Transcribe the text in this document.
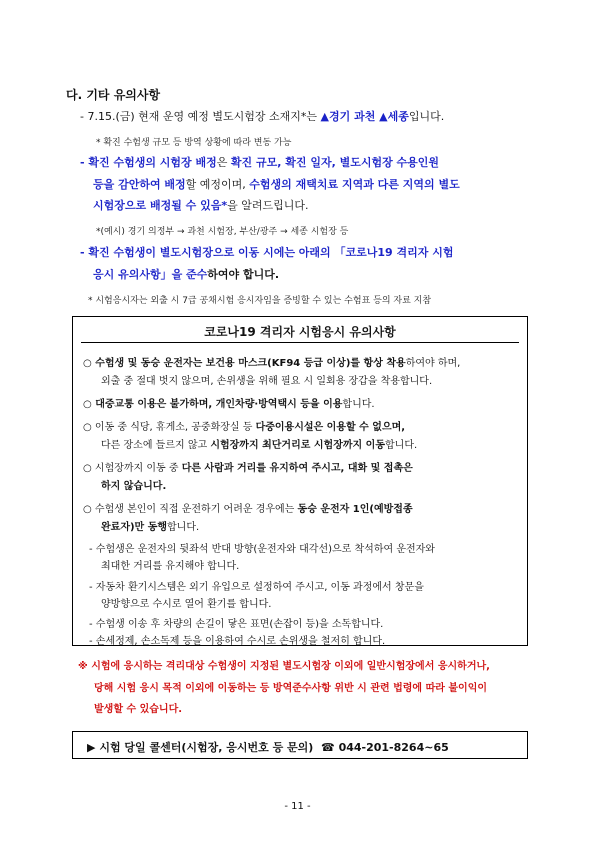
다. 기타 유의사항
- 7.15.(금) 현재 운영 예정 별도시험장 소재지*는 ▲경기 과천 ▲세종입니다.
* 확진 수험생 규모 등 방역 상황에 따라 변동 가능
- 확진 수험생의 시험장 배정은 확진 규모, 확진 일자, 별도시험장 수용인원
등을 감안하여 배정할 예정이며, 수험생의 재택치료 지역과 다른 지역의 별도
시험장으로 배정될 수 있음*을 알려드립니다.
*(예시) 경기 의정부 → 과천 시험장, 부산/광주 → 세종 시험장 등
- 확진 수험생이 별도시험장으로 이동 시에는 아래의 「코로나19 격리자 시험
응시 유의사항」을 준수하여야 합니다.
* 시험응시자는 외출 시 7급 공채시험 응시자임을 증빙할 수 있는 수험표 등의 자료 지참
코로나19 격리자 시험응시 유의사항
○ 수험생 및 동승 운전자는 보건용 마스크(KF94 등급 이상)를 항상 착용하여야 하며,
외출 중 절대 벗지 않으며, 손위생을 위해 필요 시 일회용 장갑을 착용합니다.
○ 대중교통 이용은 불가하며, 개인차량·방역택시 등을 이용합니다.
○ 이동 중 식당, 휴게소, 공중화장실 등 다중이용시설은 이용할 수 없으며,
다른 장소에 들르지 않고 시험장까지 최단거리로 시험장까지 이동합니다.
○ 시험장까지 이동 중 다른 사람과 거리를 유지하여 주시고, 대화 및 접촉은
하지 않습니다.
○ 수험생 본인이 직접 운전하기 어려운 경우에는 동승 운전자 1인(예방접종
완료자)만 동행합니다.
- 수험생은 운전자의 뒷좌석 반대 방향(운전자와 대각선)으로 착석하여 운전자와
최대한 거리를 유지해야 합니다.
- 자동차 환기시스템은 외기 유입으로 설정하여 주시고, 이동 과정에서 창문을
양방향으로 수시로 열어 환기를 합니다.
- 수험생 이송 후 차량의 손길이 닿은 표면(손잡이 등)을 소독합니다.
- 손세정제, 손소독제 등을 이용하여 수시로 손위생을 철저히 합니다.
※ 시험에 응시하는 격리대상 수험생이 지정된 별도시험장 이외에 일반시험장에서 응시하거나,
당해 시험 응시 목적 이외에 이동하는 등 방역준수사항 위반 시 관련 법령에 따라 불이익이
발생할 수 있습니다.
▶ 시험 당일 콜센터(시험장, 응시번호 등 문의) ☎ 044-201-8264~65
- 11 -
